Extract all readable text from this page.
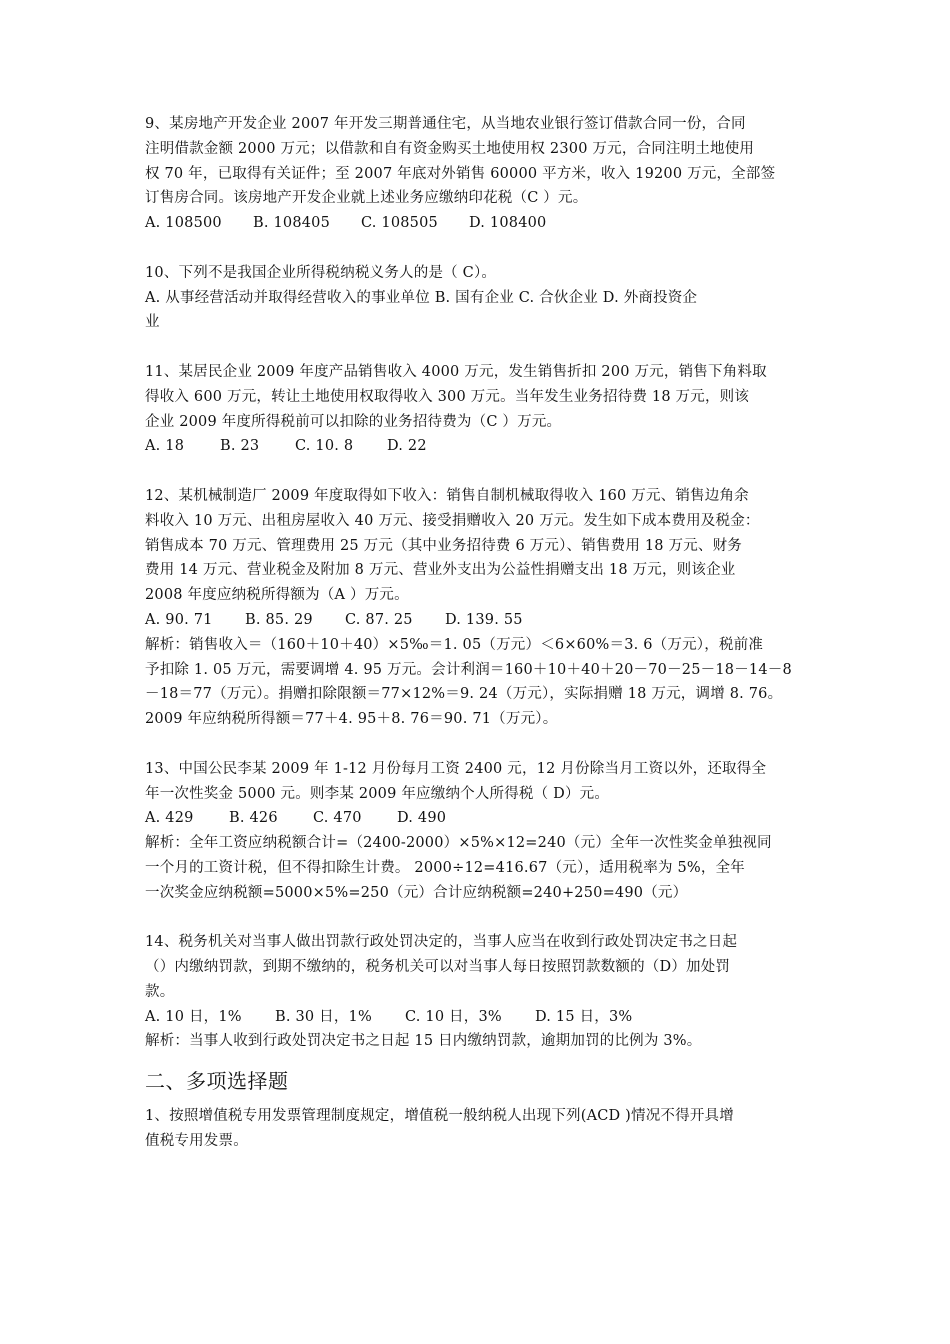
9、某房地产开发企业 2007 年开发三期普通住宅，从当地农业银行签订借款合同一份，合同
注明借款金额 2000 万元；以借款和自有资金购买土地使用权 2300 万元，合同注明土地使用
权 70 年，已取得有关证件；至 2007 年底对外销售 60000 平方米，收入 19200 万元，全部签
订售房合同。该房地产开发企业就上述业务应缴纳印花税（C ）元。
A. 108500 B. 108405 C. 108505 D. 108400
10、下列不是我国企业所得税纳税义务人的是（ C）。
A. 从事经营活动并取得经营收入的事业单位 B. 国有企业 C. 合伙企业 D. 外商投资企
业
11、某居民企业 2009 年度产品销售收入 4000 万元，发生销售折扣 200 万元，销售下角料取
得收入 600 万元，转让土地使用权取得收入 300 万元。当年发生业务招待费 18 万元，则该
企业 2009 年度所得税前可以扣除的业务招待费为（C ）万元。
A. 18 B. 23 C. 10. 8 D. 22
12、某机械制造厂 2009 年度取得如下收入：销售自制机械取得收入 160 万元、销售边角余
料收入 10 万元、出租房屋收入 40 万元、接受捐赠收入 20 万元。发生如下成本费用及税金：
销售成本 70 万元、管理费用 25 万元（其中业务招待费 6 万元）、销售费用 18 万元、财务
费用 14 万元、营业税金及附加 8 万元、营业外支出为公益性捐赠支出 18 万元，则该企业
2008 年度应纳税所得额为（A ）万元。
A. 90. 71 B. 85. 29 C. 87. 25 D. 139. 55
解析：销售收入＝（160＋10＋40）×5‰＝1. 05（万元）＜6×60%＝3. 6（万元），税前准
予扣除 1. 05 万元，需要调增 4. 95 万元。会计利润＝160＋10＋40＋20－70－25－18－14－8
－18＝77（万元）。捐赠扣除限额＝77×12%＝9. 24（万元），实际捐赠 18 万元，调增 8. 76。
2009 年应纳税所得额＝77＋4. 95＋8. 76＝90. 71（万元）。
13、中国公民李某 2009 年 1-12 月份每月工资 2400 元，12 月份除当月工资以外，还取得全
年一次性奖金 5000 元。则李某 2009 年应缴纳个人所得税（ D）元。
A. 429 B. 426 C. 470 D. 490
解析：全年工资应纳税额合计=（2400-2000）×5%×12=240（元）全年一次性奖金单独视同
一个月的工资计税，但不得扣除生计费。 2000÷12=416.67（元），适用税率为 5%，全年
一次奖金应纳税额=5000×5%=250（元）合计应纳税额=240+250=490（元）
14、税务机关对当事人做出罚款行政处罚决定的，当事人应当在收到行政处罚决定书之日起
（）内缴纳罚款，到期不缴纳的，税务机关可以对当事人每日按照罚款数额的（D）加处罚
款。
A. 10 日，1% B. 30 日，1% C. 10 日，3% D. 15 日，3%
解析：当事人收到行政处罚决定书之日起 15 日内缴纳罚款，逾期加罚的比例为 3%。
二、多项选择题
1、按照增值税专用发票管理制度规定，增值税一般纳税人出现下列(ACD )情况不得开具增
值税专用发票。
